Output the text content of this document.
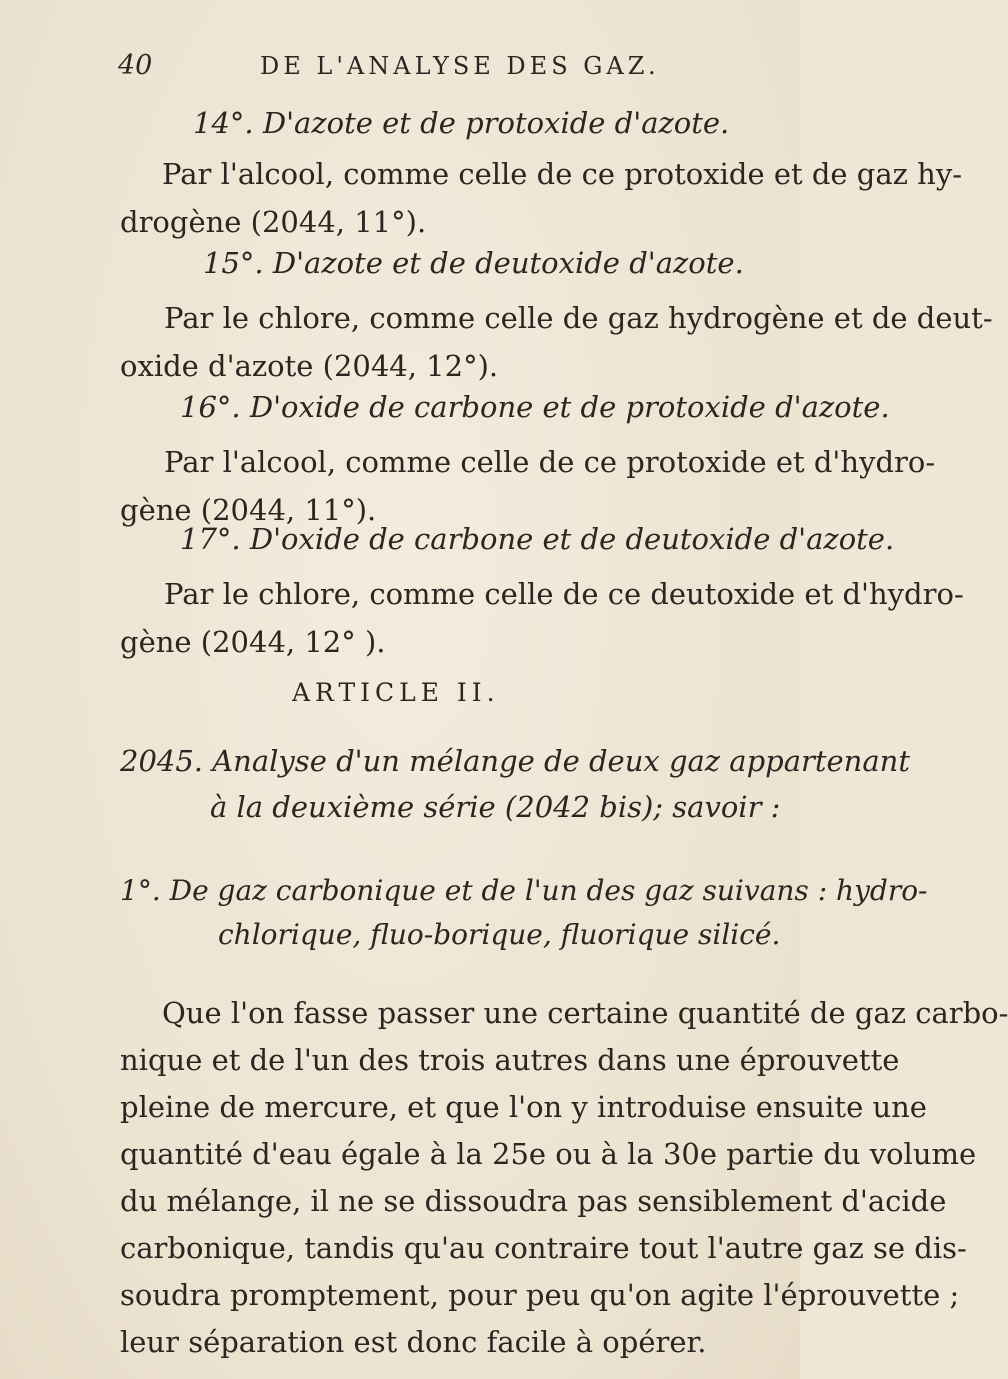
40	DE L'ANALYSE DES GAZ.
14°. D'azote et de protoxide d'azote.
Par l'alcool, comme celle de ce protoxide et de gaz hy-
drogène (2044, 11°).
15°. D'azote et de deutoxide d'azote.
Par le chlore, comme celle de gaz hydrogène et de deut-
oxide d'azote (2044, 12°).
16°. D'oxide de carbone et de protoxide d'azote.
Par l'alcool, comme celle de ce protoxide et d'hydro-
gène (2044, 11°).
17°. D'oxide de carbone et de deutoxide d'azote.
Par le chlore, comme celle de ce deutoxide et d'hydro-
gène (2044, 12° ).
ARTICLE II.
2045. Analyse d'un mélange de deux gaz appartenant
à la deuxième série (2042 bis); savoir :
1°. De gaz carbonique et de l'un des gaz suivans : hydro-
chlorique, fluo-borique, fluorique silicé.
Que l'on fasse passer une certaine quantité de gaz carbo-
nique et de l'un des trois autres dans une éprouvette
pleine de mercure, et que l'on y introduise ensuite une
quantité d'eau égale à la 25e ou à la 30e partie du volume
du mélange, il ne se dissoudra pas sensiblement d'acide
carbonique, tandis qu'au contraire tout l'autre gaz se dis-
soudra promptement, pour peu qu'on agite l'éprouvette ;
leur séparation est donc facile à opérer.
